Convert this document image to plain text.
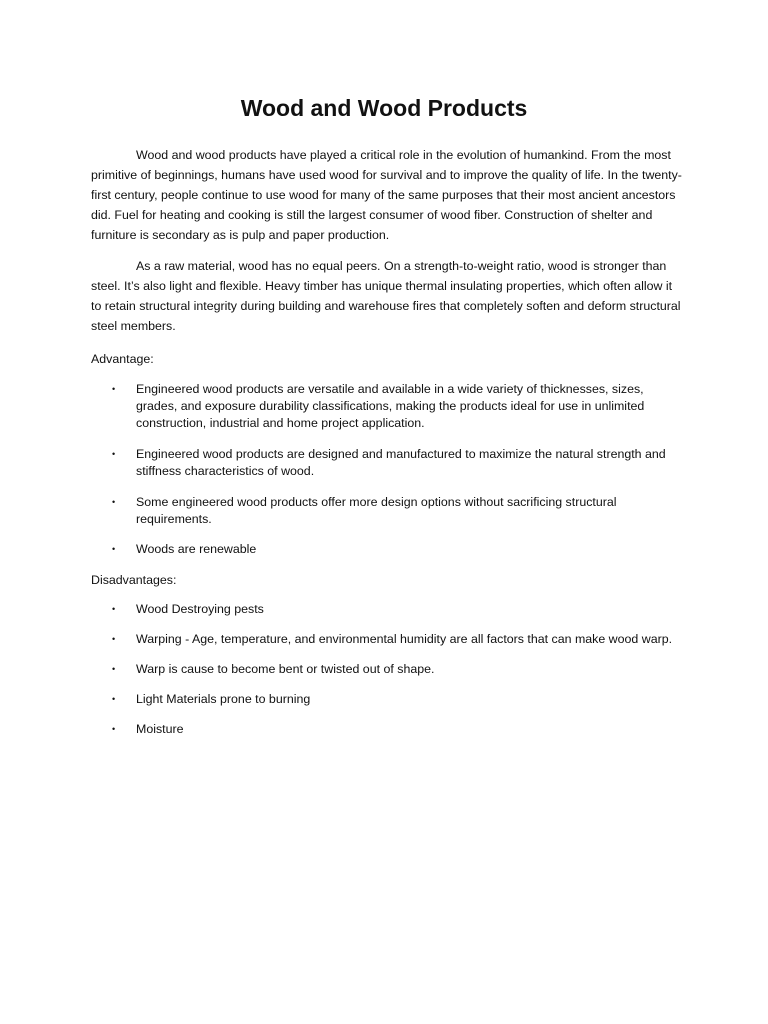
Wood and Wood Products

Wood and wood products have played a critical role in the evolution of humankind. From the most primitive of beginnings, humans have used wood for survival and to improve the quality of life. In the twenty-first century, people continue to use wood for many of the same purposes that their most ancient ancestors did. Fuel for heating and cooking is still the largest consumer of wood fiber. Construction of shelter and furniture is secondary as is pulp and paper production.

As a raw material, wood has no equal peers. On a strength-to-weight ratio, wood is stronger than steel. It’s also light and flexible. Heavy timber has unique thermal insulating properties, which often allow it to retain structural integrity during building and warehouse fires that completely soften and deform structural steel members.

Advantage:

• Engineered wood products are versatile and available in a wide variety of thicknesses, sizes, grades, and exposure durability classifications, making the products ideal for use in unlimited construction, industrial and home project application.
• Engineered wood products are designed and manufactured to maximize the natural strength and stiffness characteristics of wood.
• Some engineered wood products offer more design options without sacrificing structural requirements.
• Woods are renewable

Disadvantages:

• Wood Destroying pests
• Warping - Age, temperature, and environmental humidity are all factors that can make wood warp.
• Warp is cause to become bent or twisted out of shape.
• Light Materials prone to burning
• Moisture
